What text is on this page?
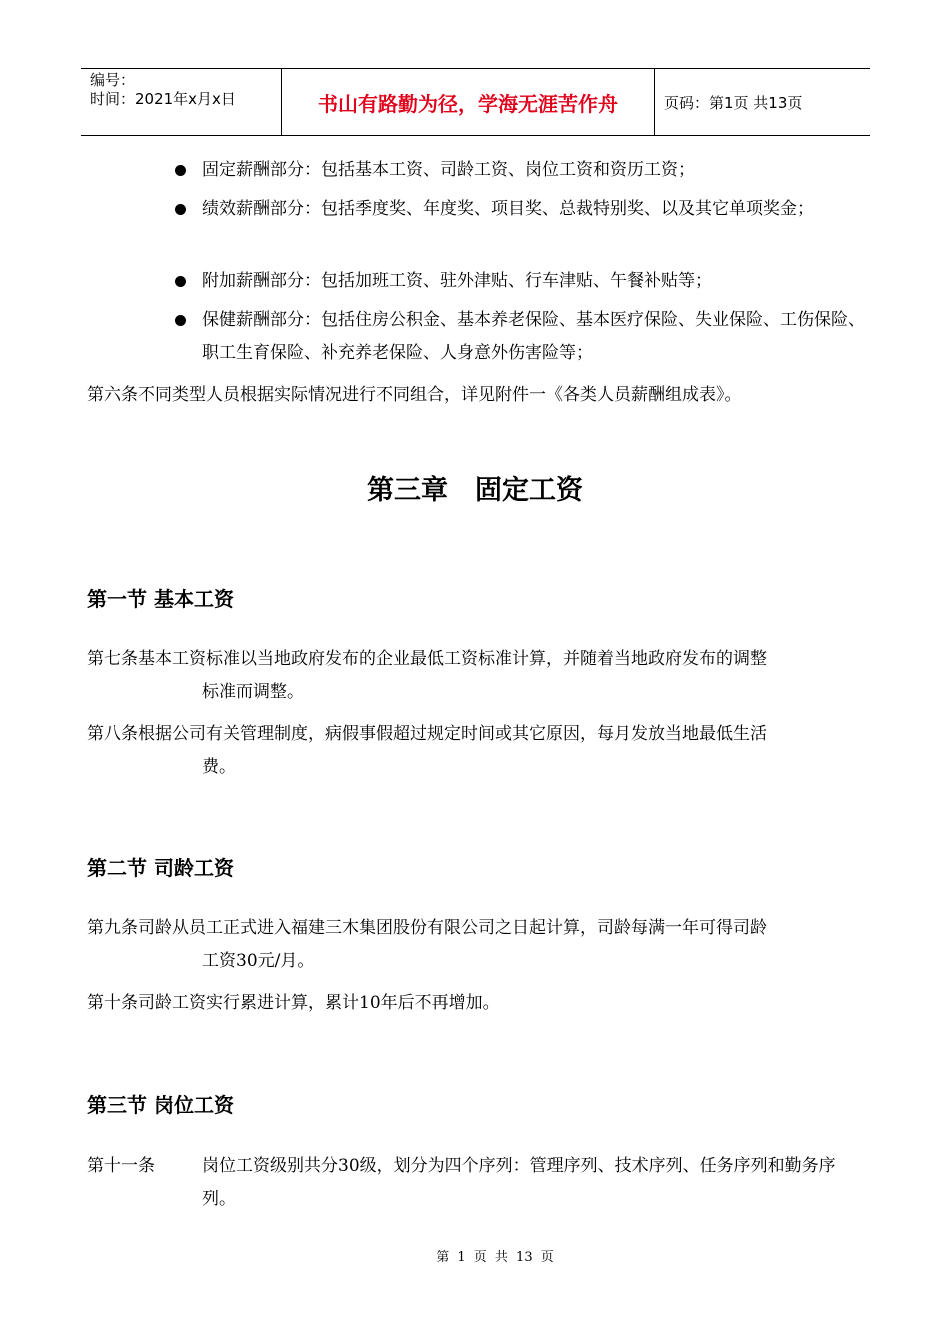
编号：
时间：2021年x月x日	书山有路勤为径，学海无涯苦作舟	页码：第1页 共13页
固定薪酬部分：包括基本工资、司龄工资、岗位工资和资历工资；
绩效薪酬部分：包括季度奖、年度奖、项目奖、总裁特别奖、以及其它单项奖金；
附加薪酬部分：包括加班工资、驻外津贴、行车津贴、午餐补贴等；
保健薪酬部分：包括住房公积金、基本养老保险、基本医疗保险、失业保险、工伤保险、职工生育保险、补充养老保险、人身意外伤害险等；
第六条不同类型人员根据实际情况进行不同组合，详见附件一《各类人员薪酬组成表》。
第三章　固定工资
第一节 基本工资
第七条基本工资标准以当地政府发布的企业最低工资标准计算，并随着当地政府发布的调整
标准而调整。
第八条根据公司有关管理制度，病假事假超过规定时间或其它原因，每月发放当地最低生活
费。
第二节 司龄工资
第九条司龄从员工正式进入福建三木集团股份有限公司之日起计算，司龄每满一年可得司龄
工资30元/月。
第十条司龄工资实行累进计算，累计10年后不再增加。
第三节 岗位工资
第十一条	岗位工资级别共分30级，划分为四个序列：管理序列、技术序列、任务序列和勤务序列。
第 1 页 共 13 页
